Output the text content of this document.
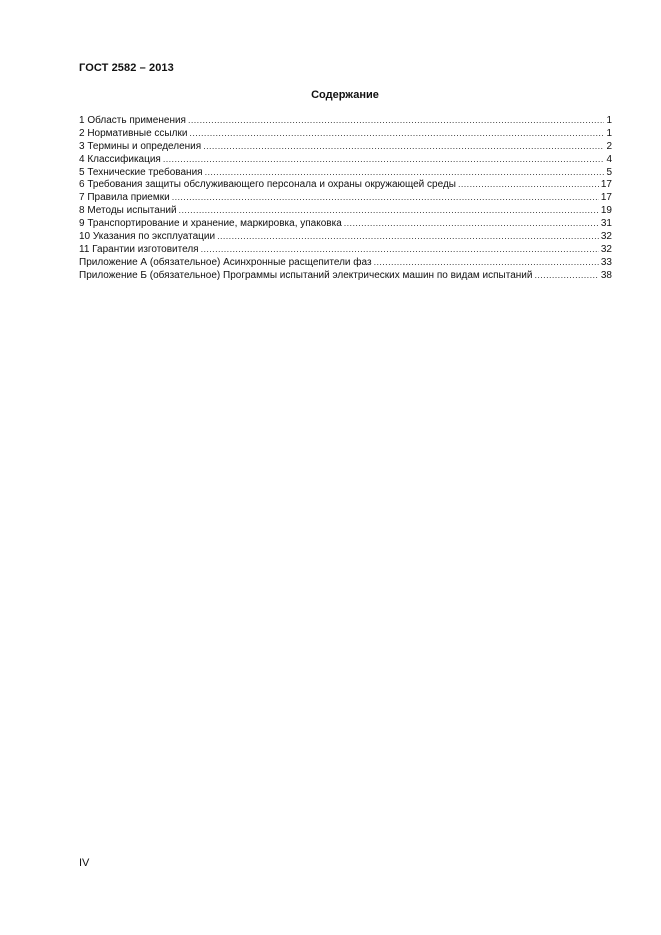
ГОСТ 2582 – 2013
Содержание
1 Область применения .....	1
2 Нормативные ссылки .....	1
3 Термины и определения .....	2
4 Классификация .....	4
5 Технические требования .....	5
6 Требования защиты обслуживающего персонала и охраны окружающей среды .....	17
7 Правила приемки .....	17
8 Методы испытаний .....	19
9 Транспортирование и хранение, маркировка, упаковка .....	31
10 Указания по эксплуатации .....	32
11 Гарантии изготовителя .....	32
Приложение А (обязательное) Асинхронные расщепители фаз .....	33
Приложение Б (обязательное) Программы испытаний электрических машин по видам испытаний .....	38
IV
